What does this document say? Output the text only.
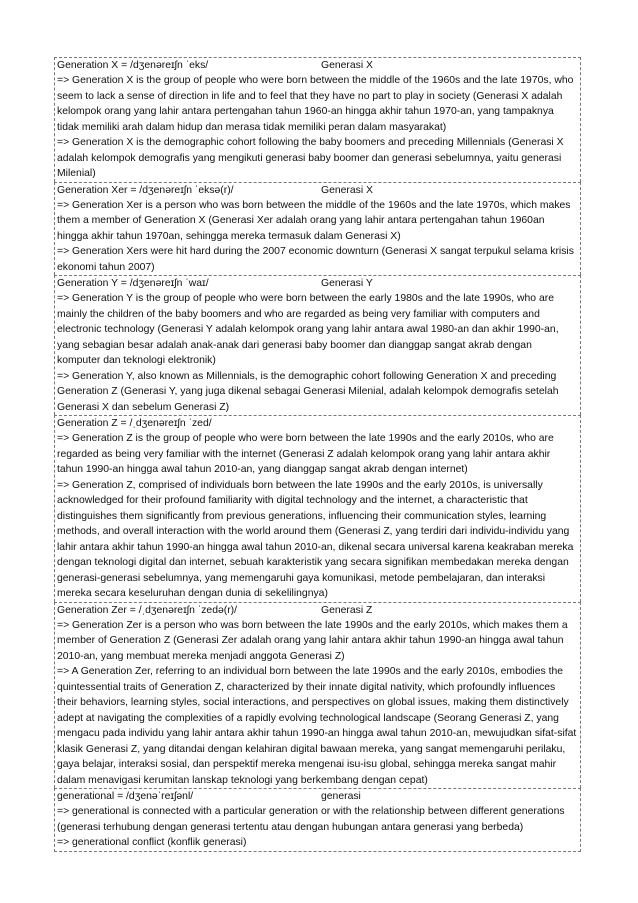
Generation X = /dʒenəreɪʃn ˈeks/	Generasi X

=> Generation X is the group of people who were born between the middle of the 1960s and the late 1970s, who seem to lack a sense of direction in life and to feel that they have no part to play in society (Generasi X adalah kelompok orang yang lahir antara pertengahan tahun 1960-an hingga akhir tahun 1970-an, yang tampaknya tidak memiliki arah dalam hidup dan merasa tidak memiliki peran dalam masyarakat)

=> Generation X is the demographic cohort following the baby boomers and preceding Millennials (Generasi X adalah kelompok demografis yang mengikuti generasi baby boomer dan generasi sebelumnya, yaitu generasi Milenial)

Generation Xer = /dʒenəreɪʃn ˈeksə(r)/	Generasi X

=> Generation Xer is a person who was born between the middle of the 1960s and the late 1970s, which makes them a member of Generation X (Generasi Xer adalah orang yang lahir antara pertengahan tahun 1960an hingga akhir tahun 1970an, sehingga mereka termasuk dalam Generasi X)

=> Generation Xers were hit hard during the 2007 economic downturn (Generasi X sangat terpukul selama krisis ekonomi tahun 2007)

Generation Y = /dʒenəreɪʃn ˈwaɪ/	Generasi Y

=> Generation Y is the group of people who were born between the early 1980s and the late 1990s, who are mainly the children of the baby boomers and who are regarded as being very familiar with computers and electronic technology (Generasi Y adalah kelompok orang yang lahir antara awal 1980-an dan akhir 1990-an, yang sebagian besar adalah anak-anak dari generasi baby boomer dan dianggap sangat akrab dengan komputer dan teknologi elektronik)

=> Generation Y, also known as Millennials, is the demographic cohort following Generation X and preceding Generation Z (Generasi Y, yang juga dikenal sebagai Generasi Milenial, adalah kelompok demografis setelah Generasi X dan sebelum Generasi Z)

Generation Z = /ˌdʒenəreɪʃn ˈzed/

=> Generation Z is the group of people who were born between the late 1990s and the early 2010s, who are regarded as being very familiar with the internet (Generasi Z adalah kelompok orang yang lahir antara akhir tahun 1990-an hingga awal tahun 2010-an, yang dianggap sangat akrab dengan internet)

=> Generation Z, comprised of individuals born between the late 1990s and the early 2010s, is universally acknowledged for their profound familiarity with digital technology and the internet, a characteristic that distinguishes them significantly from previous generations, influencing their communication styles, learning methods, and overall interaction with the world around them (Generasi Z, yang terdiri dari individu-individu yang lahir antara akhir tahun 1990-an hingga awal tahun 2010-an, dikenal secara universal karena keakraban mereka dengan teknologi digital dan internet, sebuah karakteristik yang secara signifikan membedakan mereka dengan generasi-generasi sebelumnya, yang memengaruhi gaya komunikasi, metode pembelajaran, dan interaksi mereka secara keseluruhan dengan dunia di sekelilingnya)

Generation Zer = /ˌdʒenəreɪʃn ˈzedə(r)/	Generasi Z

=> Generation Zer is a person who was born between the late 1990s and the early 2010s, which makes them a member of Generation Z (Generasi Zer adalah orang yang lahir antara akhir tahun 1990-an hingga awal tahun 2010-an, yang membuat mereka menjadi anggota Generasi Z)

=> A Generation Zer, referring to an individual born between the late 1990s and the early 2010s, embodies the quintessential traits of Generation Z, characterized by their innate digital nativity, which profoundly influences their behaviors, learning styles, social interactions, and perspectives on global issues, making them distinctively adept at navigating the complexities of a rapidly evolving technological landscape (Seorang Generasi Z, yang mengacu pada individu yang lahir antara akhir tahun 1990-an hingga awal tahun 2010-an, mewujudkan sifat-sifat klasik Generasi Z, yang ditandai dengan kelahiran digital bawaan mereka, yang sangat memengaruhi perilaku, gaya belajar, interaksi sosial, dan perspektif mereka mengenai isu-isu global, sehingga mereka sangat mahir dalam menavigasi kerumitan lanskap teknologi yang berkembang dengan cepat)

generational = /dʒenəˈreɪʃənl/	generasi

=> generational is connected with a particular generation or with the relationship between different generations (generasi terhubung dengan generasi tertentu atau dengan hubungan antara generasi yang berbeda)

=> generational conflict (konflik generasi)
